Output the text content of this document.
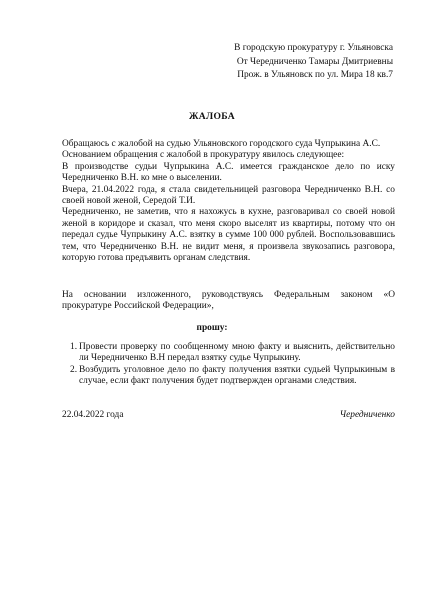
В городскую прокуратуру г. Ульяновска
От Чередниченко Тамары Дмитриевны
Прож. в Ульяновск по ул. Мира 18 кв.7
ЖАЛОБА

Обращаюсь с жалобой на судью Ульяновского городского суда Чупрыкина А.С.

Основанием обращения с жалобой в прокуратуру явилось следующее:

В производстве судьи Чупрыкина А.С. имеется гражданское дело по иску Чередниченко В.Н. ко мне о выселении.

Вчера, 21.04.2022 года, я стала свидетельницей разговора Чередниченко В.Н. со своей новой женой, Середой Т.И.

Чередниченко, не заметив, что я нахожусь в кухне, разговаривал со своей новой женой в коридоре и сказал, что меня скоро выселят из квартиры, потому что он передал судье Чупрыкину А.С. взятку в сумме 100 000 рублей. Воспользовавшись тем, что Чередниченко В.Н. не видит меня, я произвела звукозапись разговора, которую готова предъявить органам следствия.

На основании изложенного, руководствуясь Федеральным законом «О прокуратуре Российской Федерации»,

прошу:
1. Провести проверку по сообщенному мною факту и выяснить, действительно ли Чередниченко В.Н передал взятку судье Чупрыкину.
2. Возбудить уголовное дело по факту получения взятки судьей Чупрыкиным в случае, если факт получения будет подтвержден органами следствия.
22.04.2022 года	Чередниченко
